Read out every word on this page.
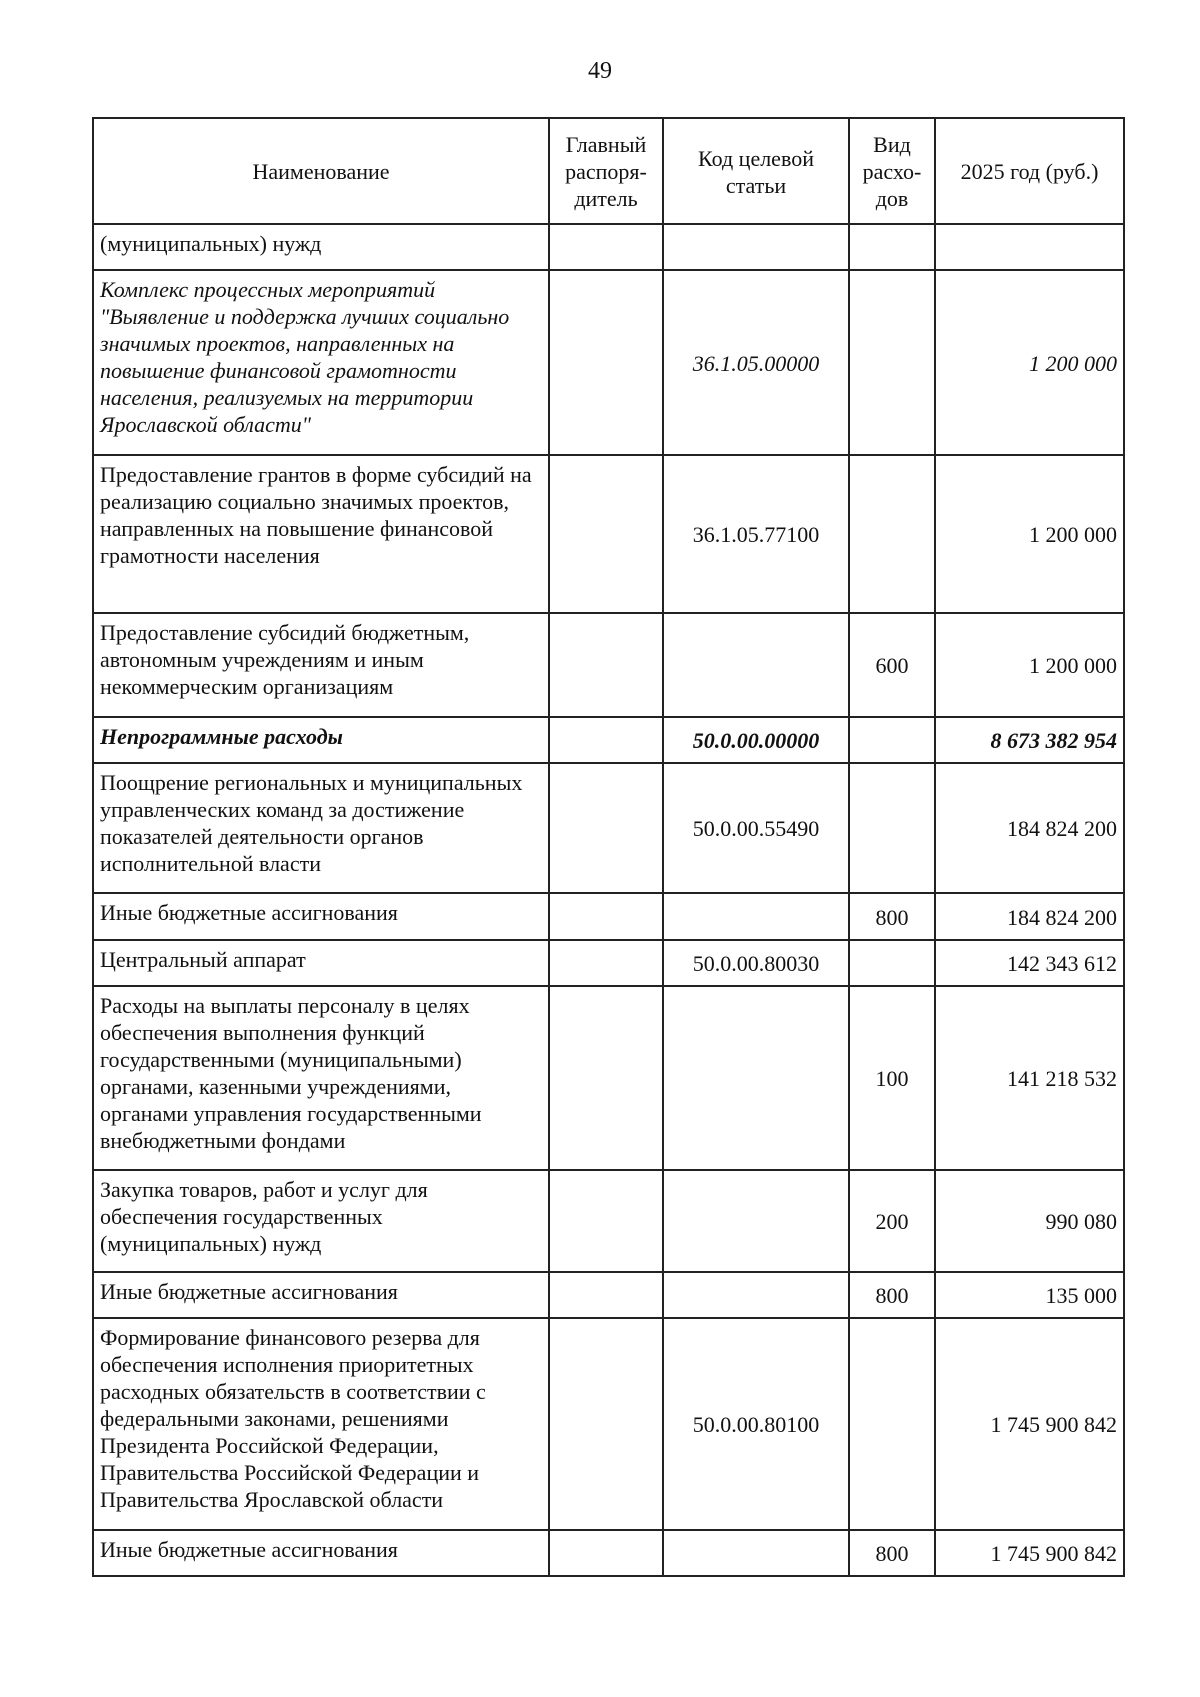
49
Наименование	Главный распоря-дитель	Код целевой статьи	Вид расхо-дов	2025 год (руб.)
(муниципальных) нужд				
Комплекс процессных мероприятий "Выявление и поддержка лучших социально значимых проектов, направленных на повышение финансовой грамотности населения, реализуемых на территории Ярославской области"		36.1.05.00000		1 200 000
Предоставление грантов в форме субсидий на реализацию социально значимых проектов, направленных на повышение финансовой грамотности населения		36.1.05.77100		1 200 000
Предоставление субсидий бюджетным, автономным учреждениям и иным некоммерческим организациям			600	1 200 000
Непрограммные расходы		50.0.00.00000		8 673 382 954
Поощрение региональных и муниципальных управленческих команд за достижение показателей деятельности органов исполнительной власти		50.0.00.55490		184 824 200
Иные бюджетные ассигнования			800	184 824 200
Центральный аппарат		50.0.00.80030		142 343 612
Расходы на выплаты персоналу в целях обеспечения выполнения функций государственными (муниципальными) органами, казенными учреждениями, органами управления государственными внебюджетными фондами			100	141 218 532
Закупка товаров, работ и услуг для обеспечения государственных (муниципальных) нужд			200	990 080
Иные бюджетные ассигнования			800	135 000
Формирование финансового резерва для обеспечения исполнения приоритетных расходных обязательств в соответствии с федеральными законами, решениями Президента Российской Федерации, Правительства Российской Федерации и Правительства Ярославской области		50.0.00.80100		1 745 900 842
Иные бюджетные ассигнования			800	1 745 900 842
